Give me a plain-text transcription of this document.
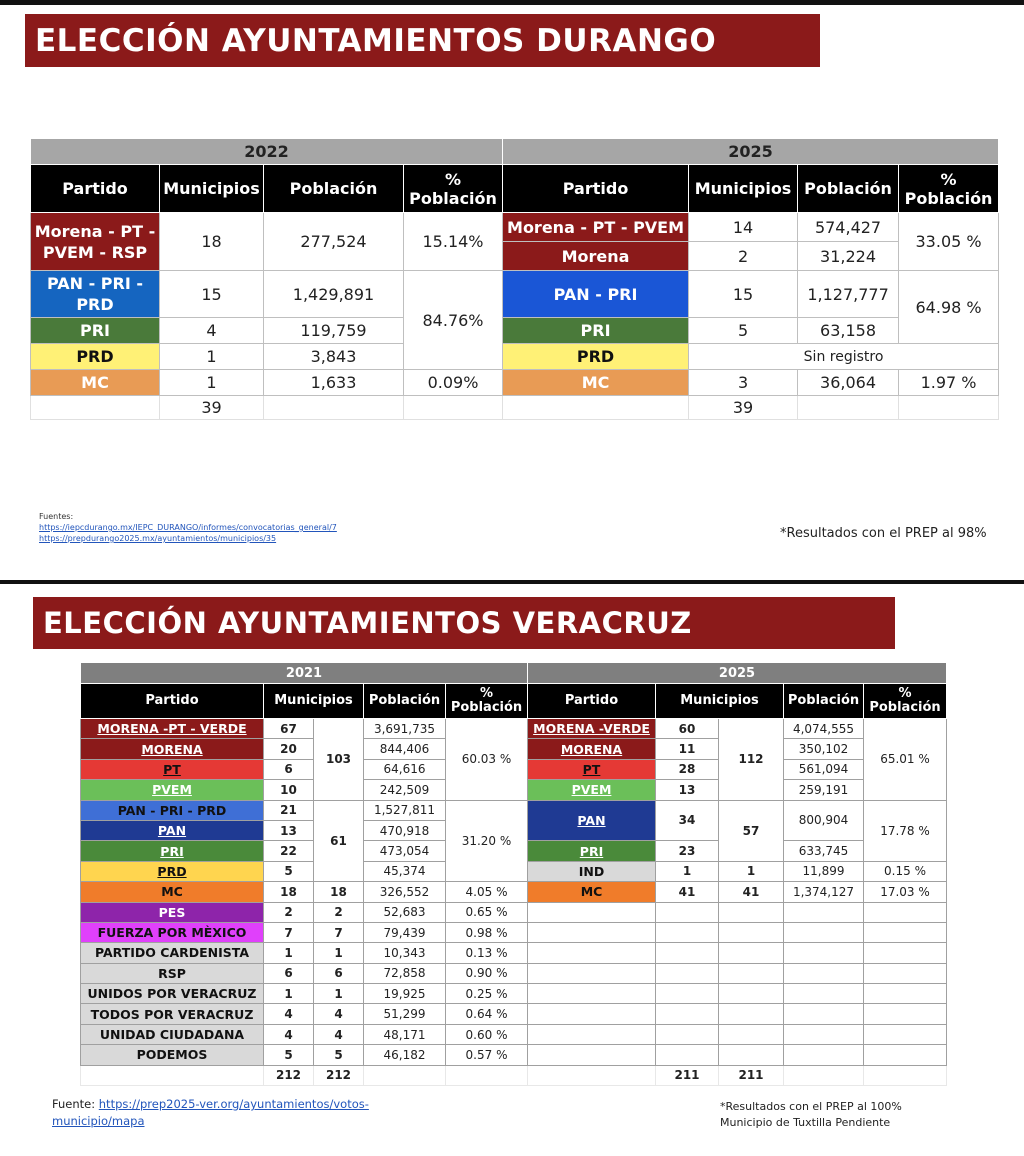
ELECCIÓN AYUNTAMIENTOS DURANGO
2022				2025			
Partido	Municipios	Población	% Población	Partido	Municipios	Población	% Población
Morena - PT - PVEM - RSP	18	277,524	15.14%	Morena - PT - PVEM	14	574,427	33.05 %
				Morena	2	31,224	
PAN - PRI - PRD	15	1,429,891	84.76%	PAN - PRI	15	1,127,777	64.98 %
PRI	4	119,759		PRI	5	63,158	
PRD	1	3,843		PRD	Sin registro		
MC	1	1,633	0.09%	MC	3	36,064	1.97 %
	39				39		
Fuentes:
https://iepcdurango.mx/IEPC_DURANGO/informes/convocatorias_general/7
https://prepdurango2025.mx/ayuntamientos/municipios/35	*Resultados con el PREP al 98%
ELECCIÓN AYUNTAMIENTOS VERACRUZ
2021					2025				
Partido	Municipios		Población	% Población	Partido	Municipios		Población	% Población
MORENA -PT - VERDE	67	103	3,691,735	60.03 %	MORENA -VERDE	60	112	4,074,555	65.01 %
MORENA	20		844,406		MORENA	11		350,102	
PT	6		64,616		PT	28		561,094	
PVEM	10		242,509		PVEM	13		259,191	
PAN - PRI - PRD	21	61	1,527,811	31.20 %	PAN	34	57	800,904	17.78 %
PAN	13		470,918						
PRI	22		473,054		PRI	23		633,745	
PRD	5		45,374		IND	1	1	11,899	0.15 %
MC	18	18	326,552	4.05 %	MC	41	41	1,374,127	17.03 %
PES	2	2	52,683	0.65 %					
FUERZA POR MÈXICO	7	7	79,439	0.98 %					
PARTIDO CARDENISTA	1	1	10,343	0.13 %					
RSP	6	6	72,858	0.90 %					
UNIDOS POR VERACRUZ	1	1	19,925	0.25 %					
TODOS POR VERACRUZ	4	4	51,299	0.64 %					
UNIDAD CIUDADANA	4	4	48,171	0.60 %					
PODEMOS	5	5	46,182	0.57 %					
	212	212				211	211		
Fuente: https://prep2025-ver.org/ayuntamientos/votos-
municipio/mapa
*Resultados con el PREP al 100%
Municipio de Tuxtilla Pendiente
